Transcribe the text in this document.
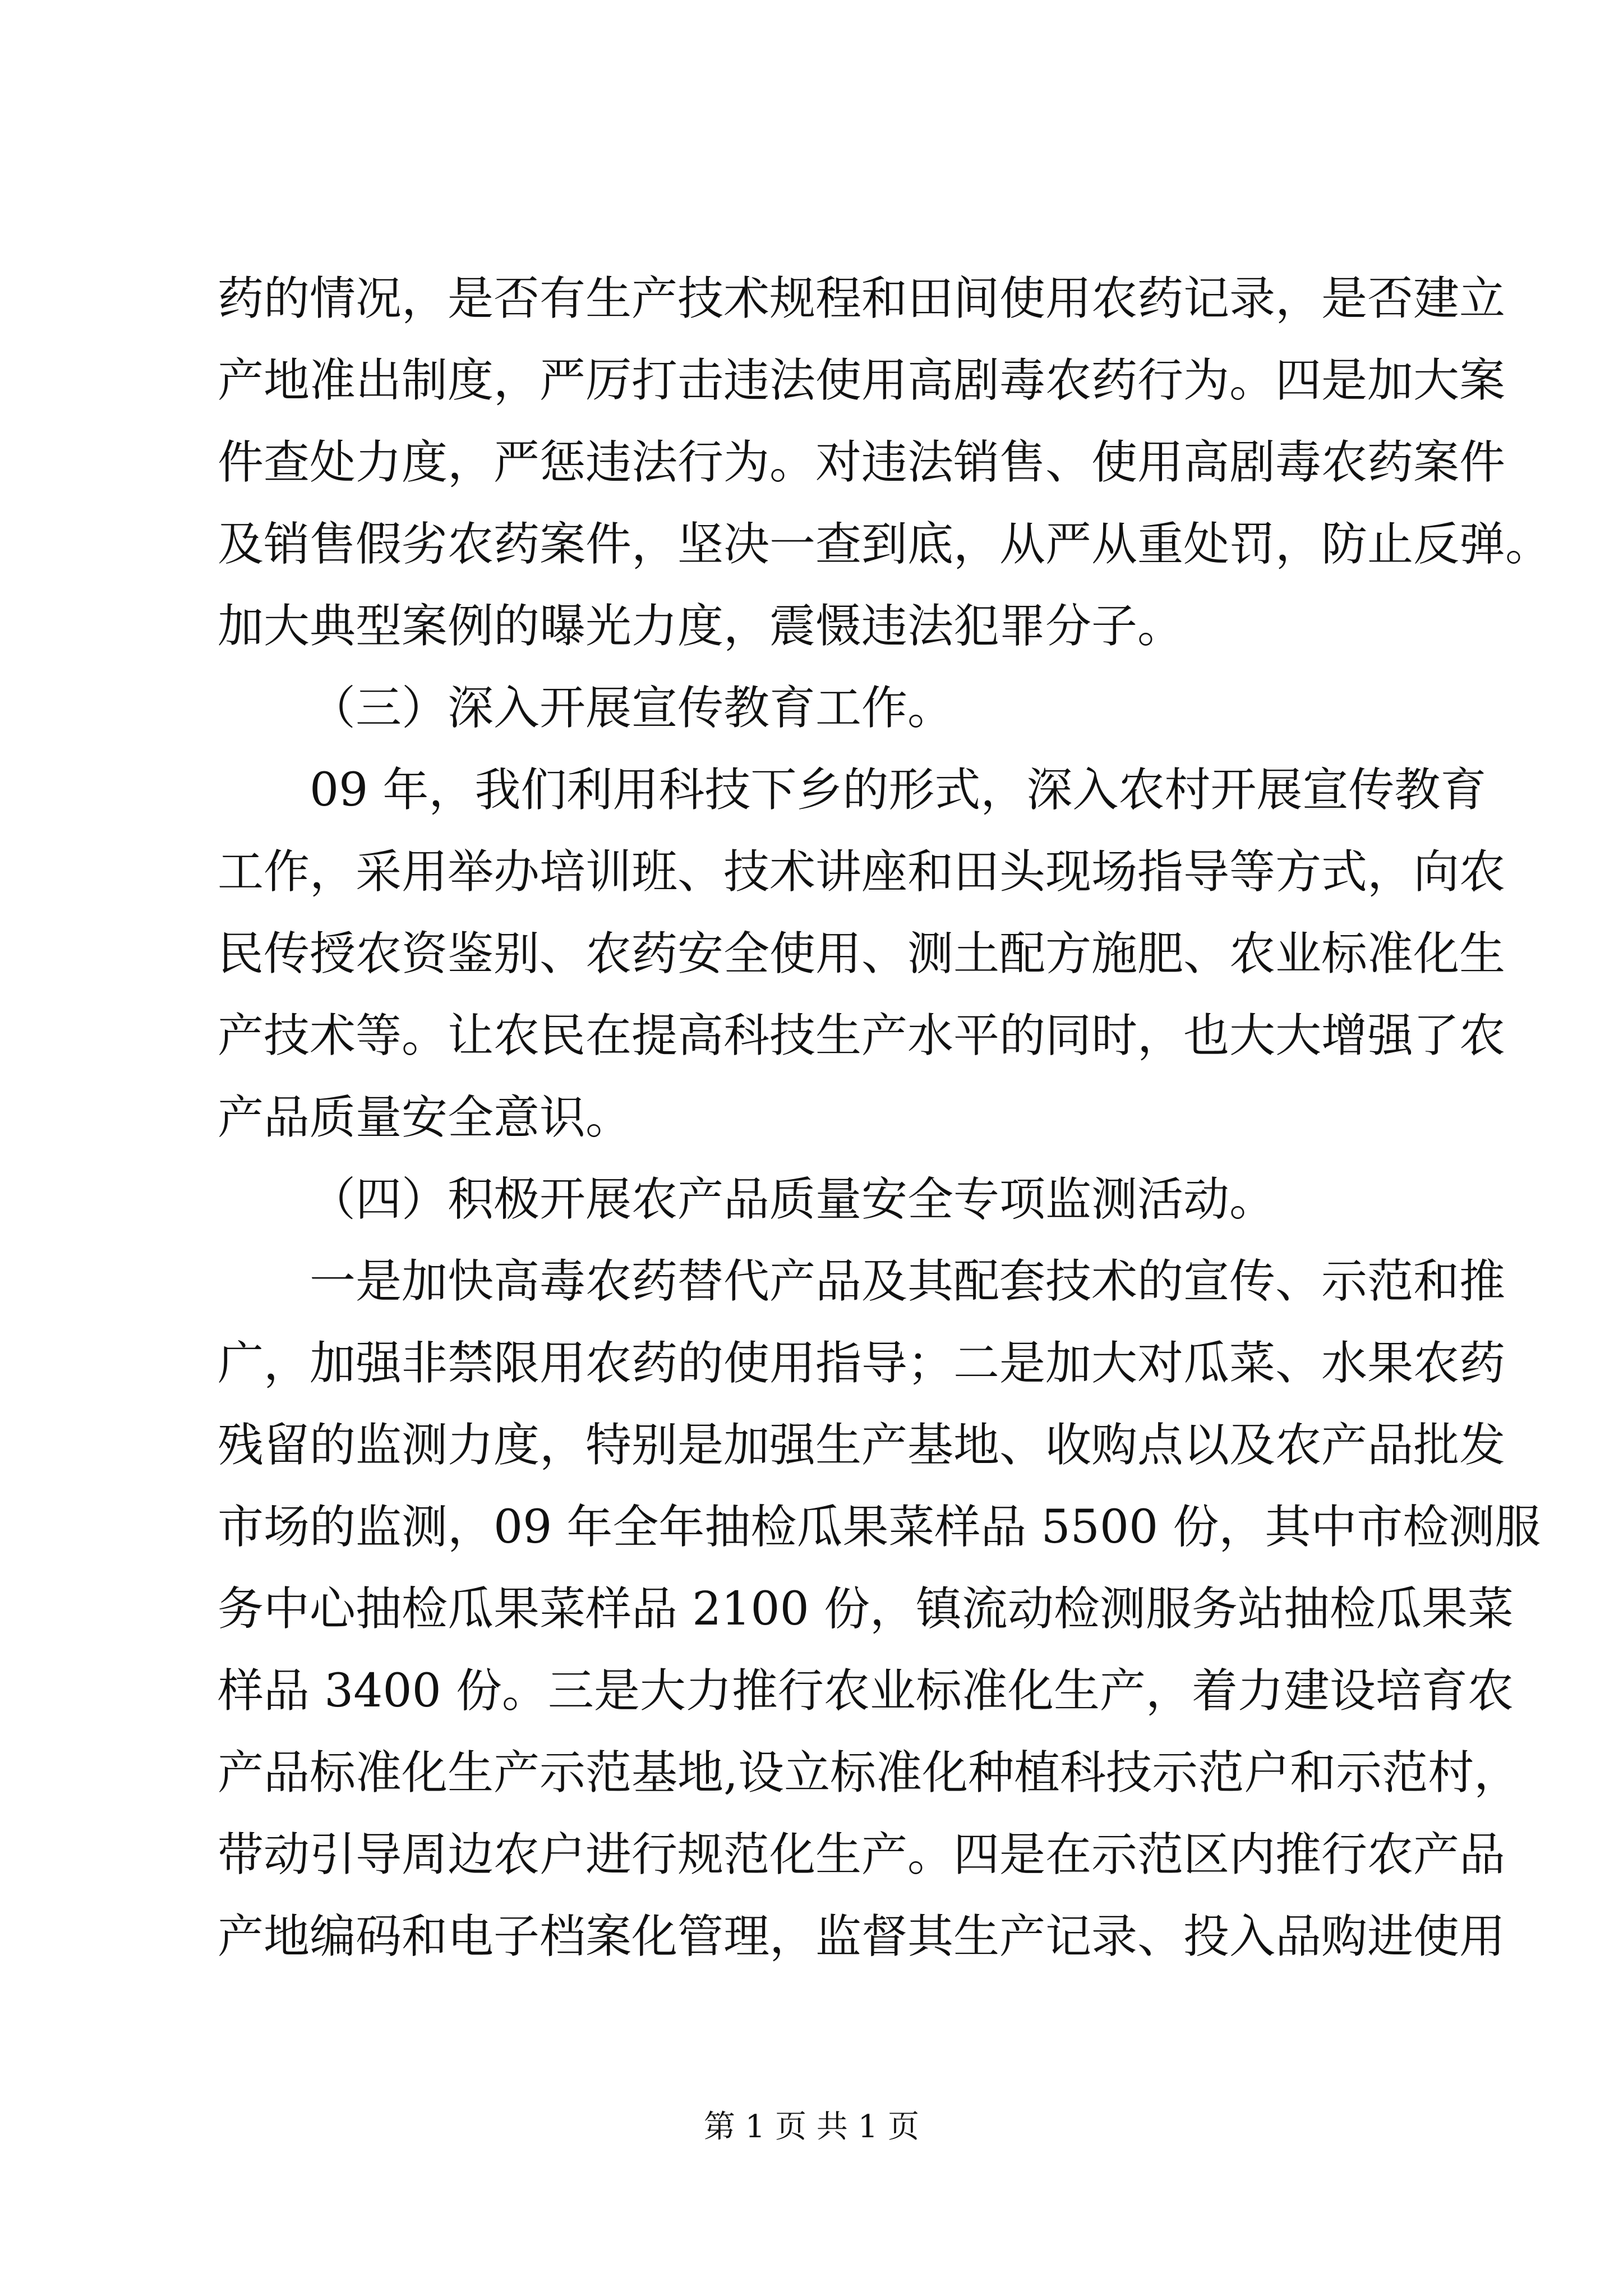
药的情况，是否有生产技术规程和田间使用农药记录，是否建立
产地准出制度，严厉打击违法使用高剧毒农药行为。四是加大案
件查处力度，严惩违法行为。对违法销售、使用高剧毒农药案件
及销售假劣农药案件，坚决一查到底，从严从重处罚，防止反弹。
加大典型案例的曝光力度，震慑违法犯罪分子。
（三）深入开展宣传教育工作。
09 年，我们利用科技下乡的形式，深入农村开展宣传教育
工作，采用举办培训班、技术讲座和田头现场指导等方式，向农
民传授农资鉴别、农药安全使用、测土配方施肥、农业标准化生
产技术等。让农民在提高科技生产水平的同时，也大大增强了农
产品质量安全意识。
（四）积极开展农产品质量安全专项监测活动。
一是加快高毒农药替代产品及其配套技术的宣传、示范和推
广，加强非禁限用农药的使用指导；二是加大对瓜菜、水果农药
残留的监测力度，特别是加强生产基地、收购点以及农产品批发
市场的监测，09 年全年抽检瓜果菜样品 5500 份，其中市检测服
务中心抽检瓜果菜样品 2100 份，镇流动检测服务站抽检瓜果菜
样品 3400 份。三是大力推行农业标准化生产，着力建设培育农
产品标准化生产示范基地,设立标准化种植科技示范户和示范村，
带动引导周边农户进行规范化生产。四是在示范区内推行农产品
产地编码和电子档案化管理，监督其生产记录、投入品购进使用
第 1 页 共 1 页
